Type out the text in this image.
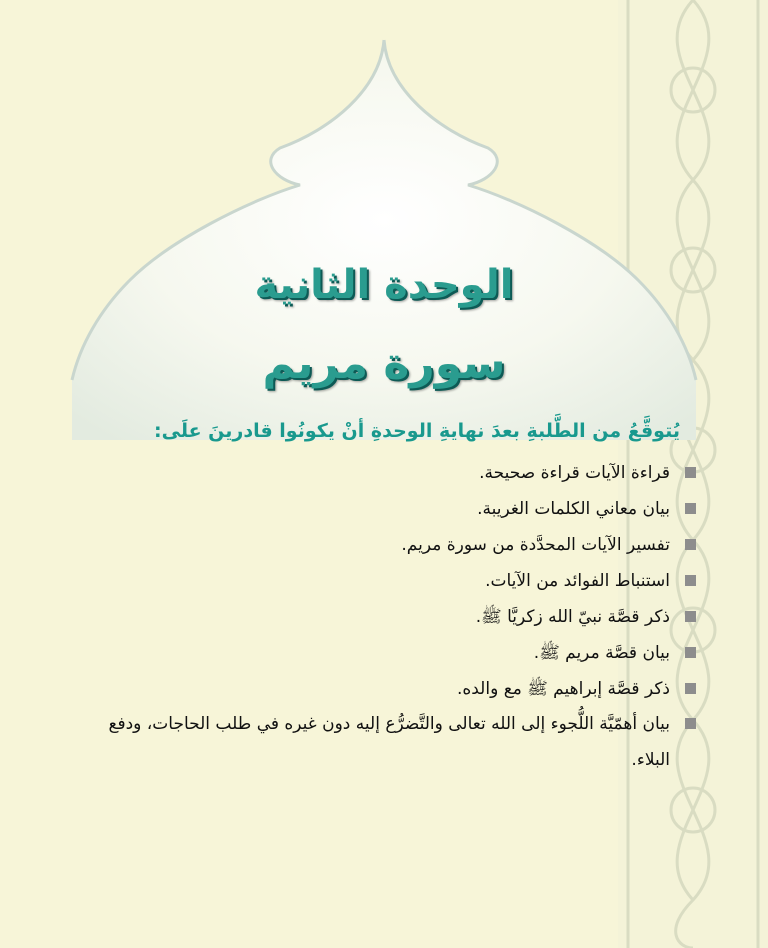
الوحدة الثانية
سورة مريم
يُتوقَّعُ من الطَّلبةِ بعدَ نهايةِ الوحدةِ أنْ يكونُوا قادرينَ علَى:
قراءة الآيات قراءة صحيحة.
بيان معاني الكلمات الغريبة.
تفسير الآيات المحدَّدة من سورة مريم.
استنباط الفوائد من الآيات.
ذكر قصَّة نبيّ الله زكريَّا ﷺ.
بيان قصَّة مريم ﷺ.
ذكر قصَّة إبراهيم ﷺ مع والده.
بيان أهمّيَّة اللُّجوء إلى الله تعالى والتَّضرُّع إليه دون غيره في طلب الحاجات، ودفع البلاء.
